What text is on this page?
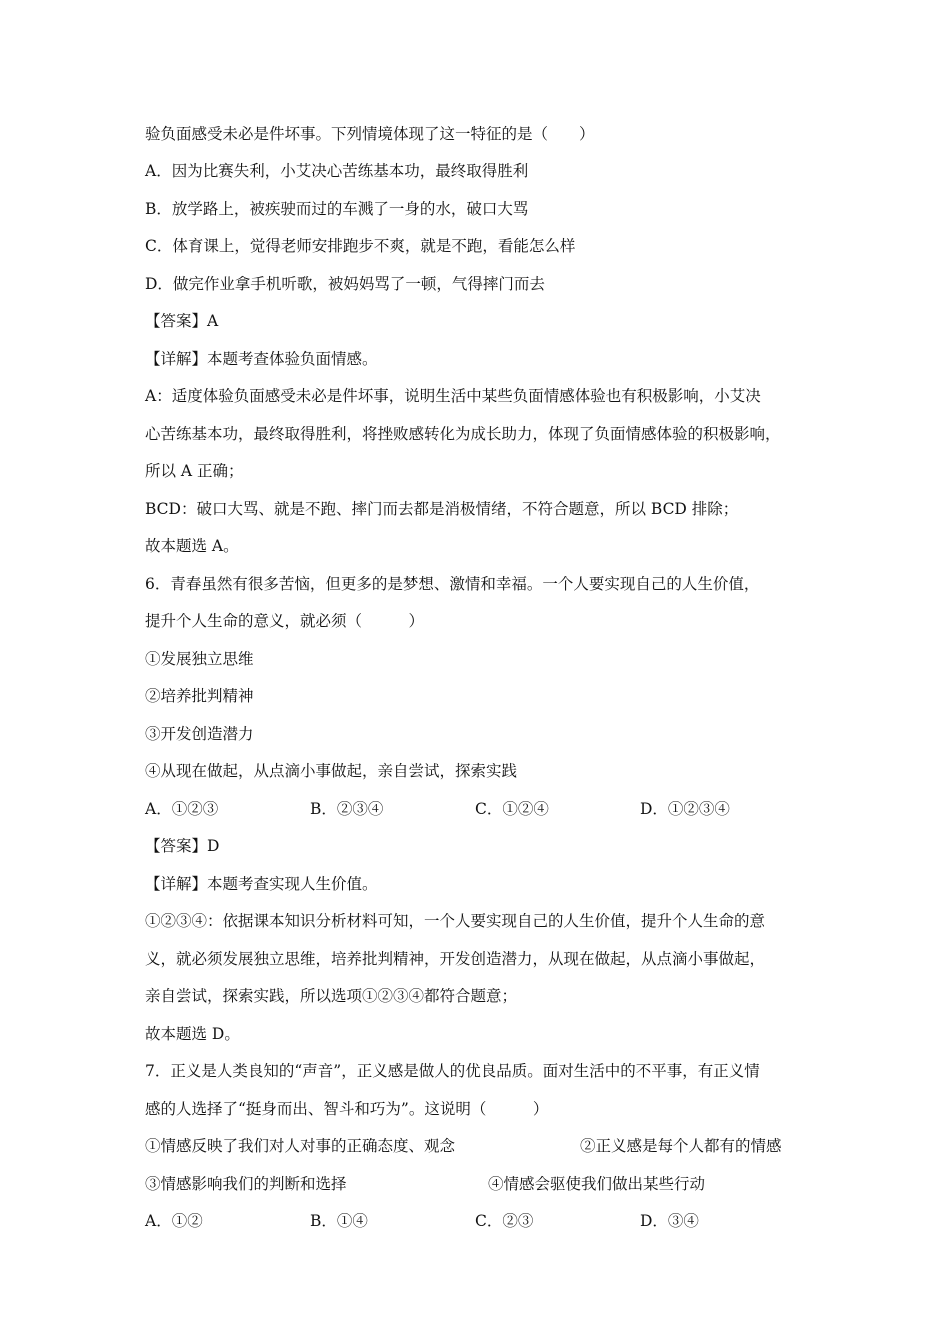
验负面感受未必是件坏事。下列情境体现了这一特征的是（　　）
A．因为比赛失利，小艾决心苦练基本功，最终取得胜利
B．放学路上，被疾驶而过的车溅了一身的水，破口大骂
C．体育课上，觉得老师安排跑步不爽，就是不跑，看能怎么样
D．做完作业拿手机听歌，被妈妈骂了一顿，气得摔门而去
【答案】A
【详解】本题考查体验负面情感。
A：适度体验负面感受未必是件坏事，说明生活中某些负面情感体验也有积极影响，小艾决
心苦练基本功，最终取得胜利，将挫败感转化为成长助力，体现了负面情感体验的积极影响，
所以 A 正确；
BCD：破口大骂、就是不跑、摔门而去都是消极情绪，不符合题意，所以 BCD 排除；
故本题选 A。
6．青春虽然有很多苦恼，但更多的是梦想、激情和幸福。一个人要实现自己的人生价值，
提升个人生命的意义，就必须（　　　）
①发展独立思维
②培养批判精神
③开发创造潜力
④从现在做起，从点滴小事做起，亲自尝试，探索实践
A．①②③	B．②③④	C．①②④	D．①②③④
【答案】D
【详解】本题考查实现人生价值。
①②③④：依据课本知识分析材料可知，一个人要实现自己的人生价值，提升个人生命的意
义，就必须发展独立思维，培养批判精神，开发创造潜力，从现在做起，从点滴小事做起，
亲自尝试，探索实践，所以选项①②③④都符合题意；
故本题选 D。
7．正义是人类良知的“声音”，正义感是做人的优良品质。面对生活中的不平事，有正义情
感的人选择了“挺身而出、智斗和巧为”。这说明（　　　）
①情感反映了我们对人对事的正确态度、观念	②正义感是每个人都有的情感
③情感影响我们的判断和选择	④情感会驱使我们做出某些行动
A．①②	B．①④	C．②③	D．③④
